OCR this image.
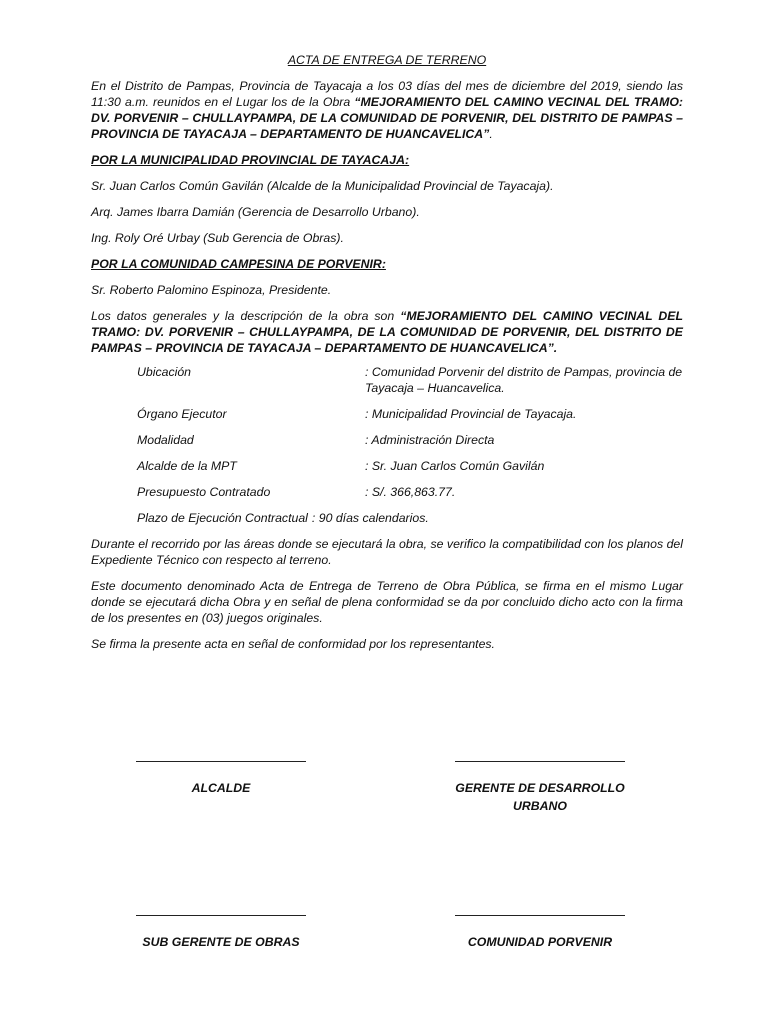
ACTA DE ENTREGA DE TERRENO

En el Distrito de Pampas, Provincia de Tayacaja a los 03 días del mes de diciembre del 2019, siendo las 11:30 a.m. reunidos en el Lugar los de la Obra “MEJORAMIENTO DEL CAMINO VECINAL DEL TRAMO: DV. PORVENIR – CHULLAYPAMPA, DE LA COMUNIDAD DE PORVENIR, DEL DISTRITO DE PAMPAS – PROVINCIA DE TAYACAJA – DEPARTAMENTO DE HUANCAVELICA”.

POR LA MUNICIPALIDAD PROVINCIAL DE TAYACAJA:

Sr. Juan Carlos Común Gavilán (Alcalde de la Municipalidad Provincial de Tayacaja).

Arq. James Ibarra Damián (Gerencia de Desarrollo Urbano).

Ing. Roly Oré Urbay (Sub Gerencia de Obras).

POR LA COMUNIDAD CAMPESINA DE PORVENIR:

Sr. Roberto Palomino Espinoza, Presidente.

Los datos generales y la descripción de la obra son “MEJORAMIENTO DEL CAMINO VECINAL DEL TRAMO: DV. PORVENIR – CHULLAYPAMPA, DE LA COMUNIDAD DE PORVENIR, DEL DISTRITO DE PAMPAS – PROVINCIA DE TAYACAJA – DEPARTAMENTO DE HUANCAVELICA”.

Ubicación	: Comunidad Porvenir del distrito de Pampas, provincia de Tayacaja – Huancavelica.
Órgano Ejecutor	: Municipalidad Provincial de Tayacaja.
Modalidad	: Administración Directa
Alcalde de la MPT	: Sr. Juan Carlos Común Gavilán
Presupuesto Contratado	: S/. 366,863.77.
Plazo de Ejecución Contractual : 90 días calendarios.

Durante el recorrido por las áreas donde se ejecutará la obra, se verifico la compatibilidad con los planos del Expediente Técnico con respecto al terreno.

Este documento denominado Acta de Entrega de Terreno de Obra Pública, se firma en el mismo Lugar donde se ejecutará dicha Obra y en señal de plena conformidad se da por concluido dicho acto con la firma de los presentes en (03) juegos originales.

Se firma la presente acta en señal de conformidad por los representantes.

ALCALDE	GERENTE DE DESARROLLO
URBANO
SUB GERENTE DE OBRAS	COMUNIDAD PORVENIR
